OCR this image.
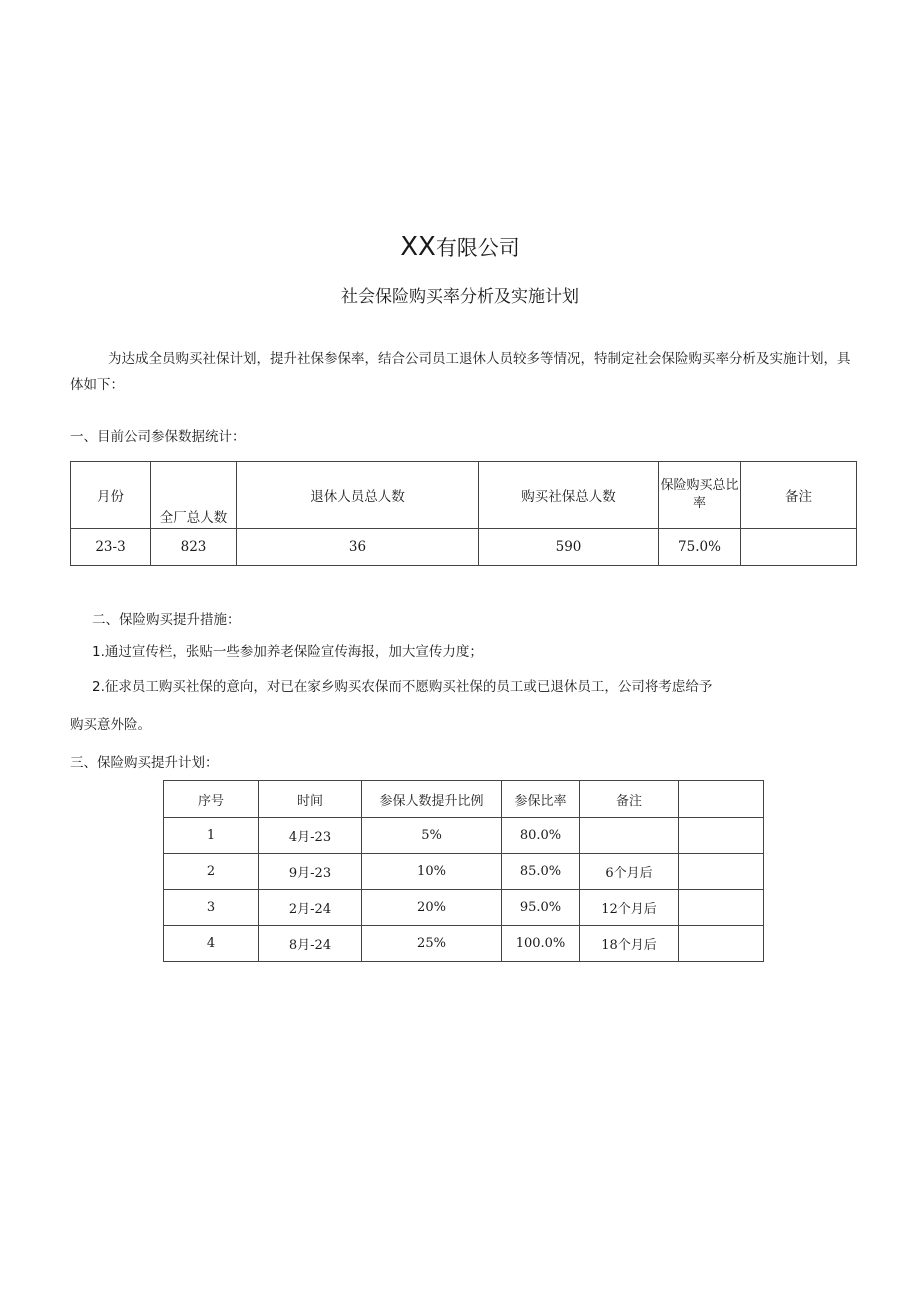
XX有限公司
社会保险购买率分析及实施计划
为达成全员购买社保计划，提升社保参保率，结合公司员工退休人员较多等情况，特制定社会保险购买率分析及实施计划，具体如下：
一、目前公司参保数据统计：
月份	全厂总人数	退休人员总人数	购买社保总人数	保险购买总比率	备注
23-3	823	36	590	75.0%	
二、保险购买提升措施：
1.通过宣传栏，张贴一些参加养老保险宣传海报，加大宣传力度；
2.征求员工购买社保的意向，对已在家乡购买农保而不愿购买社保的员工或已退休员工，公司将考虑给予
购买意外险。
三、保险购买提升计划：
序号	时间	参保人数提升比例	参保比率	备注	
1	4月-23	5%	80.0%		
2	9月-23	10%	85.0%	6个月后	
3	2月-24	20%	95.0%	12个月后	
4	8月-24	25%	100.0%	18个月后	
